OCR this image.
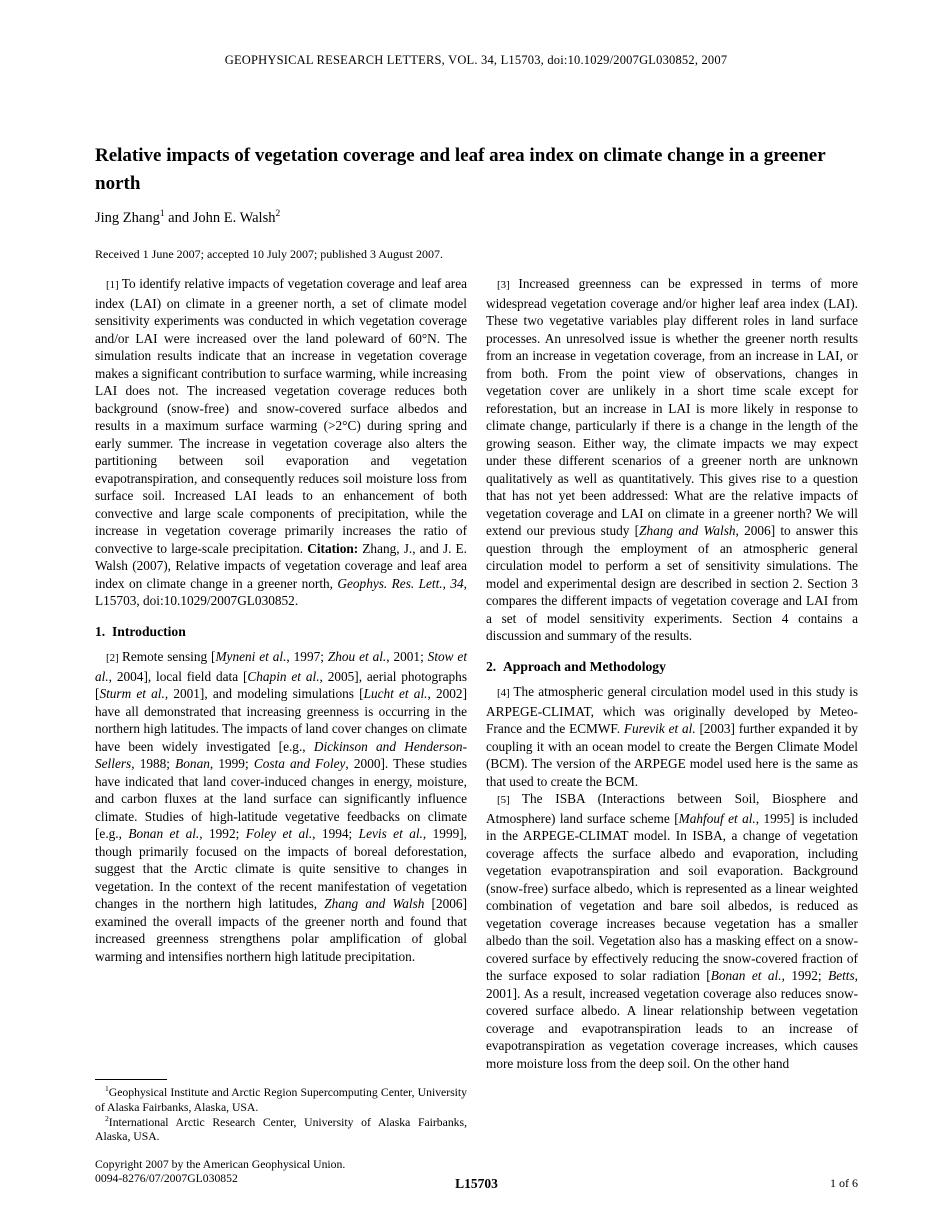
GEOPHYSICAL RESEARCH LETTERS, VOL. 34, L15703, doi:10.1029/2007GL030852, 2007
Relative impacts of vegetation coverage and leaf area index on climate change in a greener north
Jing Zhang$^1$ and John E. Walsh$^2$
Received 1 June 2007; accepted 10 July 2007; published 3 August 2007.

[1] To identify relative impacts of vegetation coverage and leaf area index (LAI) on climate in a greener north, a set of climate model sensitivity experiments was conducted in which vegetation coverage and/or LAI were increased over the land poleward of 60°N. The simulation results indicate that an increase in vegetation coverage makes a significant contribution to surface warming, while increasing LAI does not. The increased vegetation coverage reduces both background (snow-free) and snow-covered surface albedos and results in a maximum surface warming (>2°C) during spring and early summer. The increase in vegetation coverage also alters the partitioning between soil evaporation and vegetation evapotranspiration, and consequently reduces soil moisture loss from surface soil. Increased LAI leads to an enhancement of both convective and large scale components of precipitation, while the increase in vegetation coverage primarily increases the ratio of convective to large-scale precipitation. Citation: Zhang, J., and J. E. Walsh (2007), Relative impacts of vegetation coverage and leaf area index on climate change in a greener north, Geophys. Res. Lett., 34, L15703, doi:10.1029/2007GL030852.

1.  Introduction

[2] Remote sensing [Myneni et al., 1997; Zhou et al., 2001; Stow et al., 2004], local field data [Chapin et al., 2005], aerial photographs [Sturm et al., 2001], and modeling simulations [Lucht et al., 2002] have all demonstrated that increasing greenness is occurring in the northern high latitudes. The impacts of land cover changes on climate have been widely investigated [e.g., Dickinson and Henderson-Sellers, 1988; Bonan, 1999; Costa and Foley, 2000]. These studies have indicated that land cover-induced changes in energy, moisture, and carbon fluxes at the land surface can significantly influence climate. Studies of high-latitude vegetative feedbacks on climate [e.g., Bonan et al., 1992; Foley et al., 1994; Levis et al., 1999], though primarily focused on the impacts of boreal deforestation, suggest that the Arctic climate is quite sensitive to changes in vegetation. In the context of the recent manifestation of vegetation changes in the northern high latitudes, Zhang and Walsh [2006] examined the overall impacts of the greener north and found that increased greenness strengthens polar amplification of global warming and intensifies northern high latitude precipitation.

$^1$Geophysical Institute and Arctic Region Supercomputing Center, University of Alaska Fairbanks, Alaska, USA.

$^2$International Arctic Research Center, University of Alaska Fairbanks, Alaska, USA.

Copyright 2007 by the American Geophysical Union.

0094-8276/07/2007GL030852

[3] Increased greenness can be expressed in terms of more widespread vegetation coverage and/or higher leaf area index (LAI). These two vegetative variables play different roles in land surface processes. An unresolved issue is whether the greener north results from an increase in vegetation coverage, from an increase in LAI, or from both. From the point view of observations, changes in vegetation cover are unlikely in a short time scale except for reforestation, but an increase in LAI is more likely in response to climate change, particularly if there is a change in the length of the growing season. Either way, the climate impacts we may expect under these different scenarios of a greener north are unknown qualitatively as well as quantitatively. This gives rise to a question that has not yet been addressed: What are the relative impacts of vegetation coverage and LAI on climate in a greener north? We will extend our previous study [Zhang and Walsh, 2006] to answer this question through the employment of an atmospheric general circulation model to perform a set of sensitivity simulations. The model and experimental design are described in section 2. Section 3 compares the different impacts of vegetation coverage and LAI from a set of model sensitivity experiments. Section 4 contains a discussion and summary of the results.

2.  Approach and Methodology

[4] The atmospheric general circulation model used in this study is ARPEGE-CLIMAT, which was originally developed by Meteo-France and the ECMWF. Furevik et al. [2003] further expanded it by coupling it with an ocean model to create the Bergen Climate Model (BCM). The version of the ARPEGE model used here is the same as that used to create the BCM.

[5] The ISBA (Interactions between Soil, Biosphere and Atmosphere) land surface scheme [Mahfouf et al., 1995] is included in the ARPEGE-CLIMAT model. In ISBA, a change of vegetation coverage affects the surface albedo and evaporation, including vegetation evapotranspiration and soil evaporation. Background (snow-free) surface albedo, which is represented as a linear weighted combination of vegetation and bare soil albedos, is reduced as vegetation coverage increases because vegetation has a smaller albedo than the soil. Vegetation also has a masking effect on a snow-covered surface by effectively reducing the snow-covered fraction of the surface exposed to solar radiation [Bonan et al., 1992; Betts, 2001]. As a result, increased vegetation coverage also reduces snow-covered surface albedo. A linear relationship between vegetation coverage and evapotranspiration leads to an increase of evapotranspiration as vegetation coverage increases, which causes more moisture loss from the deep soil. On the other hand

L15703	1 of 6
